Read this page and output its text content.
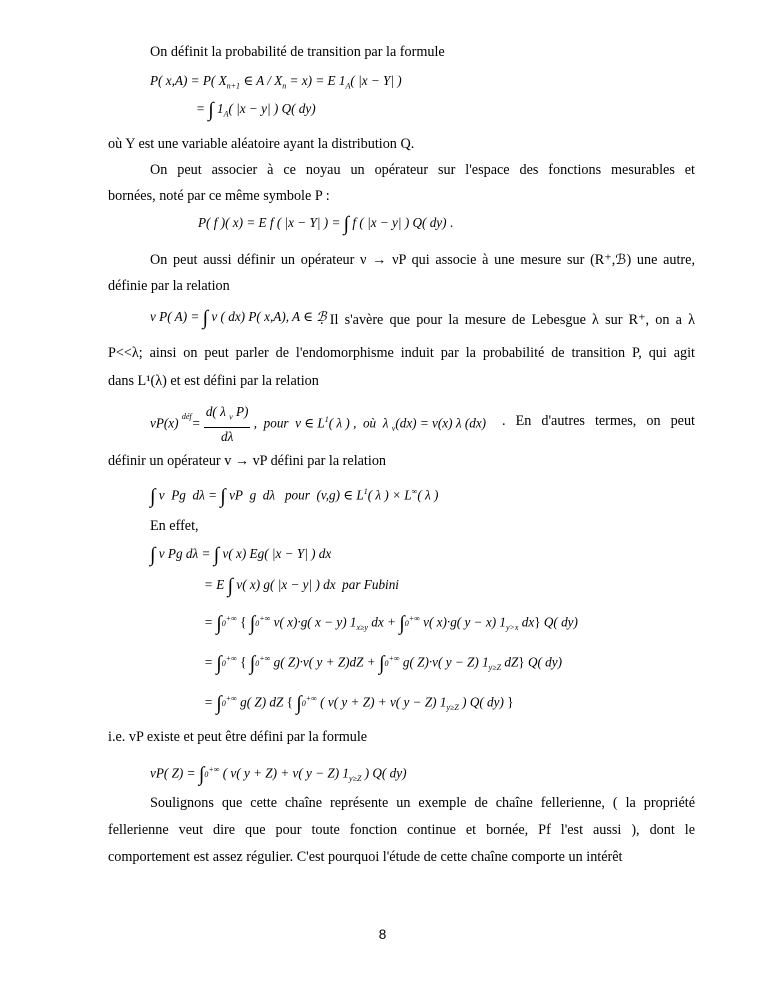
On définit la probabilité de transition par la formule
P( x,A) = P( $X_{n+1}$ ∈ $A / X_n = x) = E$ $1_A$( |x − Y| )
= ∫ $1_A$( |x − y| ) Q( dy)
où Y est une variable aléatoire ayant la distribution Q.
On peut associer à ce noyau un opérateur sur l'espace des fonctions mesurables et
bornées, noté par ce même symbole P :
P( f )( x) = E f ( |x − Y| ) = ∫ f ( |x − y| ) Q( dy) .
On peut aussi définir un opérateur ν → νP qui associe à une mesure sur (R⁺,ℬ) une autre,
définie par la relation
ν P( A) = ∫ ν ( dx) P( x,A), A ∈ ℬ
. Il s'avère que pour la mesure de Lebesgue λ sur R⁺, on a λ
P<<λ; ainsi on peut parler de l'endomorphisme induit par la probabilité de transition P, qui agit
dans L¹(λ) et est défini par la relation
vP(x) $^{déf}= \frac{d( \lambda _v P)}{d\lambda}$ ,  pour  v ∈ $L^1$( λ ) ,  où  λ $_v$(dx) = v(x) λ (dx) . En d'autres termes, on peut
définir un opérateur v → vP défini par la relation
∫ v  Pg  dλ = ∫ vP  g  dλ   pour  (v,g) ∈ $L^1$( λ ) × L∞( λ )
En effet,
∫ v Pg dλ = ∫ v( x) Eg( |x − Y| ) dx
= E ∫ v( x) g( |x − y| ) dx  par Fubini
= ∫0+∞ { ∫0+∞ v( x)·g( x − y) $1_{x\ge y}$ dx + ∫0+∞ v( x)·g( y − x) $1_{y>x}$ dx} Q( dy)
= ∫0+∞ { ∫0+∞ g( Z)·v( y + Z)dZ + ∫0+∞ g( Z)·v( y − Z) $1_{y\ge Z}$ dZ} Q( dy)
= ∫0+∞ g( Z) dZ { ∫0+∞ ( v( y + Z) + v( y − Z) $1_{y\ge Z}$ ) Q( dy) }
i.e. vP existe et peut être défini par la formule
vP( Z) = ∫0+∞ ( v( y + Z) + v( y − Z) $1_{y\ge Z}$ ) Q( dy)
Soulignons que cette chaîne représente un exemple de chaîne fellerienne, ( la propriété
fellerienne veut dire que pour toute fonction continue et bornée, Pf l'est aussi ), dont le
comportement est assez régulier. C'est pourquoi l'étude de cette chaîne comporte un intérêt
8
